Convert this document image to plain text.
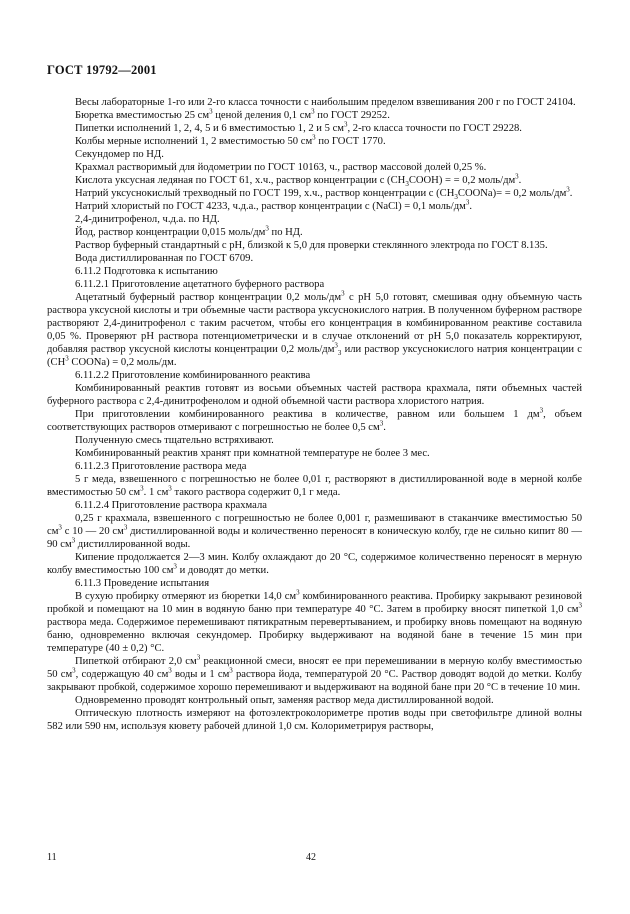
ГОСТ 19792—2001

Весы лабораторные 1-го или 2-го класса точности с наибольшим пределом взвешивания 200 г по ГОСТ 24104.

Бюретка вместимостью 25 $см^3$ ценой деления 0,1 $см^3$ по ГОСТ 29252.

Пипетки исполнений 1, 2, 4, 5 и 6 вместимостью 1, 2 и 5 $см^3$, 2-го класса точности по ГОСТ 29228.

Колбы мерные исполнений 1, 2 вместимостью 50 $см^3$ по ГОСТ 1770.

Секундомер по НД.

Крахмал растворимый для йодометрии по ГОСТ 10163, ч., раствор массовой долей 0,25 %.

Кислота уксусная ледяная по ГОСТ 61, х.ч., раствор концентрации с $(CH_3COOH)$ = = 0,2 моль/$дм^3$.

Натрий уксуснокислый трехводный по ГОСТ 199, х.ч., раствор концентрации с $(CH_3COONa)= = 0,2$ моль/$дм^3$.

Натрий хлористый по ГОСТ 4233, ч.д.а., раствор концентрации с (NaCl) = 0,1 моль/$дм^3$.

2,4-динитрофенол, ч.д.а. по НД.

Йод, раствор концентрации 0,015 моль/$дм^3$ по НД.

Раствор буферный стандартный с pH, близкой к 5,0 для проверки стеклянного электрода по ГОСТ 8.135.

Вода дистиллированная по ГОСТ 6709.

6.11.2 Подготовка к испытанию

6.11.2.1 Приготовление ацетатного буферного раствора

Ацетатный буферный раствор концентрации 0,2 моль/$дм^3$ с pH 5,0 готовят, смешивая одну объемную часть раствора уксусной кислоты и три объемные части раствора уксуснокислого натрия. В полученном буферном растворе растворяют 2,4-динитрофенол с таким расчетом, чтобы его концентрация в комбинированном реактиве составила 0,05 %. Проверяют pH раствора потенциометрически и в случае отклонений от pH 5,0 показатель корректируют, добавляя раствор уксусной кислоты концентрации 0,2 моль/$дм^3_3$ или раствор уксуснокислого натрия концентрации с ($CH^3$ COONa) = 0,2 моль/дм.

6.11.2.2 Приготовление комбинированного реактива

Комбинированный реактив готовят из восьми объемных частей раствора крахмала, пяти объемных частей буферного раствора с 2,4-динитрофенолом и одной объемной части раствора хлористого натрия.

При приготовлении комбинированного реактива в количестве, равном или большем 1 $дм^3$, объем соответствующих растворов отмеривают с погрешностью не более 0,5 $см^3$.

Полученную смесь тщательно встряхивают.

Комбинированный реактив хранят при комнатной температуре не более 3 мес.

6.11.2.3 Приготовление раствора меда

5 г меда, взвешенного с погрешностью не более 0,01 г, растворяют в дистиллированной воде в мерной колбе вместимостью 50 $см^3$. 1 $см^3$ такого раствора содержит 0,1 г меда.

6.11.2.4 Приготовление раствора крахмала

0,25 г крахмала, взвешенного с погрешностью не более 0,001 г, размешивают в стаканчике вместимостью 50 $см^3$ с 10 — 20 $см^3$ дистиллированной воды и количественно переносят в коническую колбу, где не сильно кипит 80 — 90 $см^3$ дистиллированной воды.

Кипение продолжается 2—3 мин. Колбу охлаждают до 20 °С, содержимое количественно переносят в мерную колбу вместимостью 100 $см^3$ и доводят до метки.

6.11.3 Проведение испытания

В сухую пробирку отмеряют из бюретки 14,0 $см^3$ комбинированного реактива. Пробирку закрывают резиновой пробкой и помещают на 10 мин в водяную баню при температуре 40 °С. Затем в пробирку вносят пипеткой 1,0 $см^3$ раствора меда. Содержимое перемешивают пятикратным перевертыванием, и пробирку вновь помещают на водяную баню, одновременно включая секундомер. Пробирку выдерживают на водяной бане в течение 15 мин при температуре (40 ± 0,2) °С.

Пипеткой отбирают 2,0 $см^3$ реакционной смеси, вносят ее при перемешивании в мерную колбу вместимостью 50 $см^3$, содержащую 40 $см^3$ воды и 1 $см^3$ раствора йода, температурой 20 °С. Раствор доводят водой до метки. Колбу закрывают пробкой, содержимое хорошо перемешивают и выдерживают на водяной бане при 20 °С в течение 10 мин.

Одновременно проводят контрольный опыт, заменяя раствор меда дистиллированной водой.

Оптическую плотность измеряют на фотоэлектроколориметре против воды при светофильтре длиной волны 582 или 590 нм, используя кювету рабочей длиной 1,0 см. Колориметрируя растворы,

11	42
